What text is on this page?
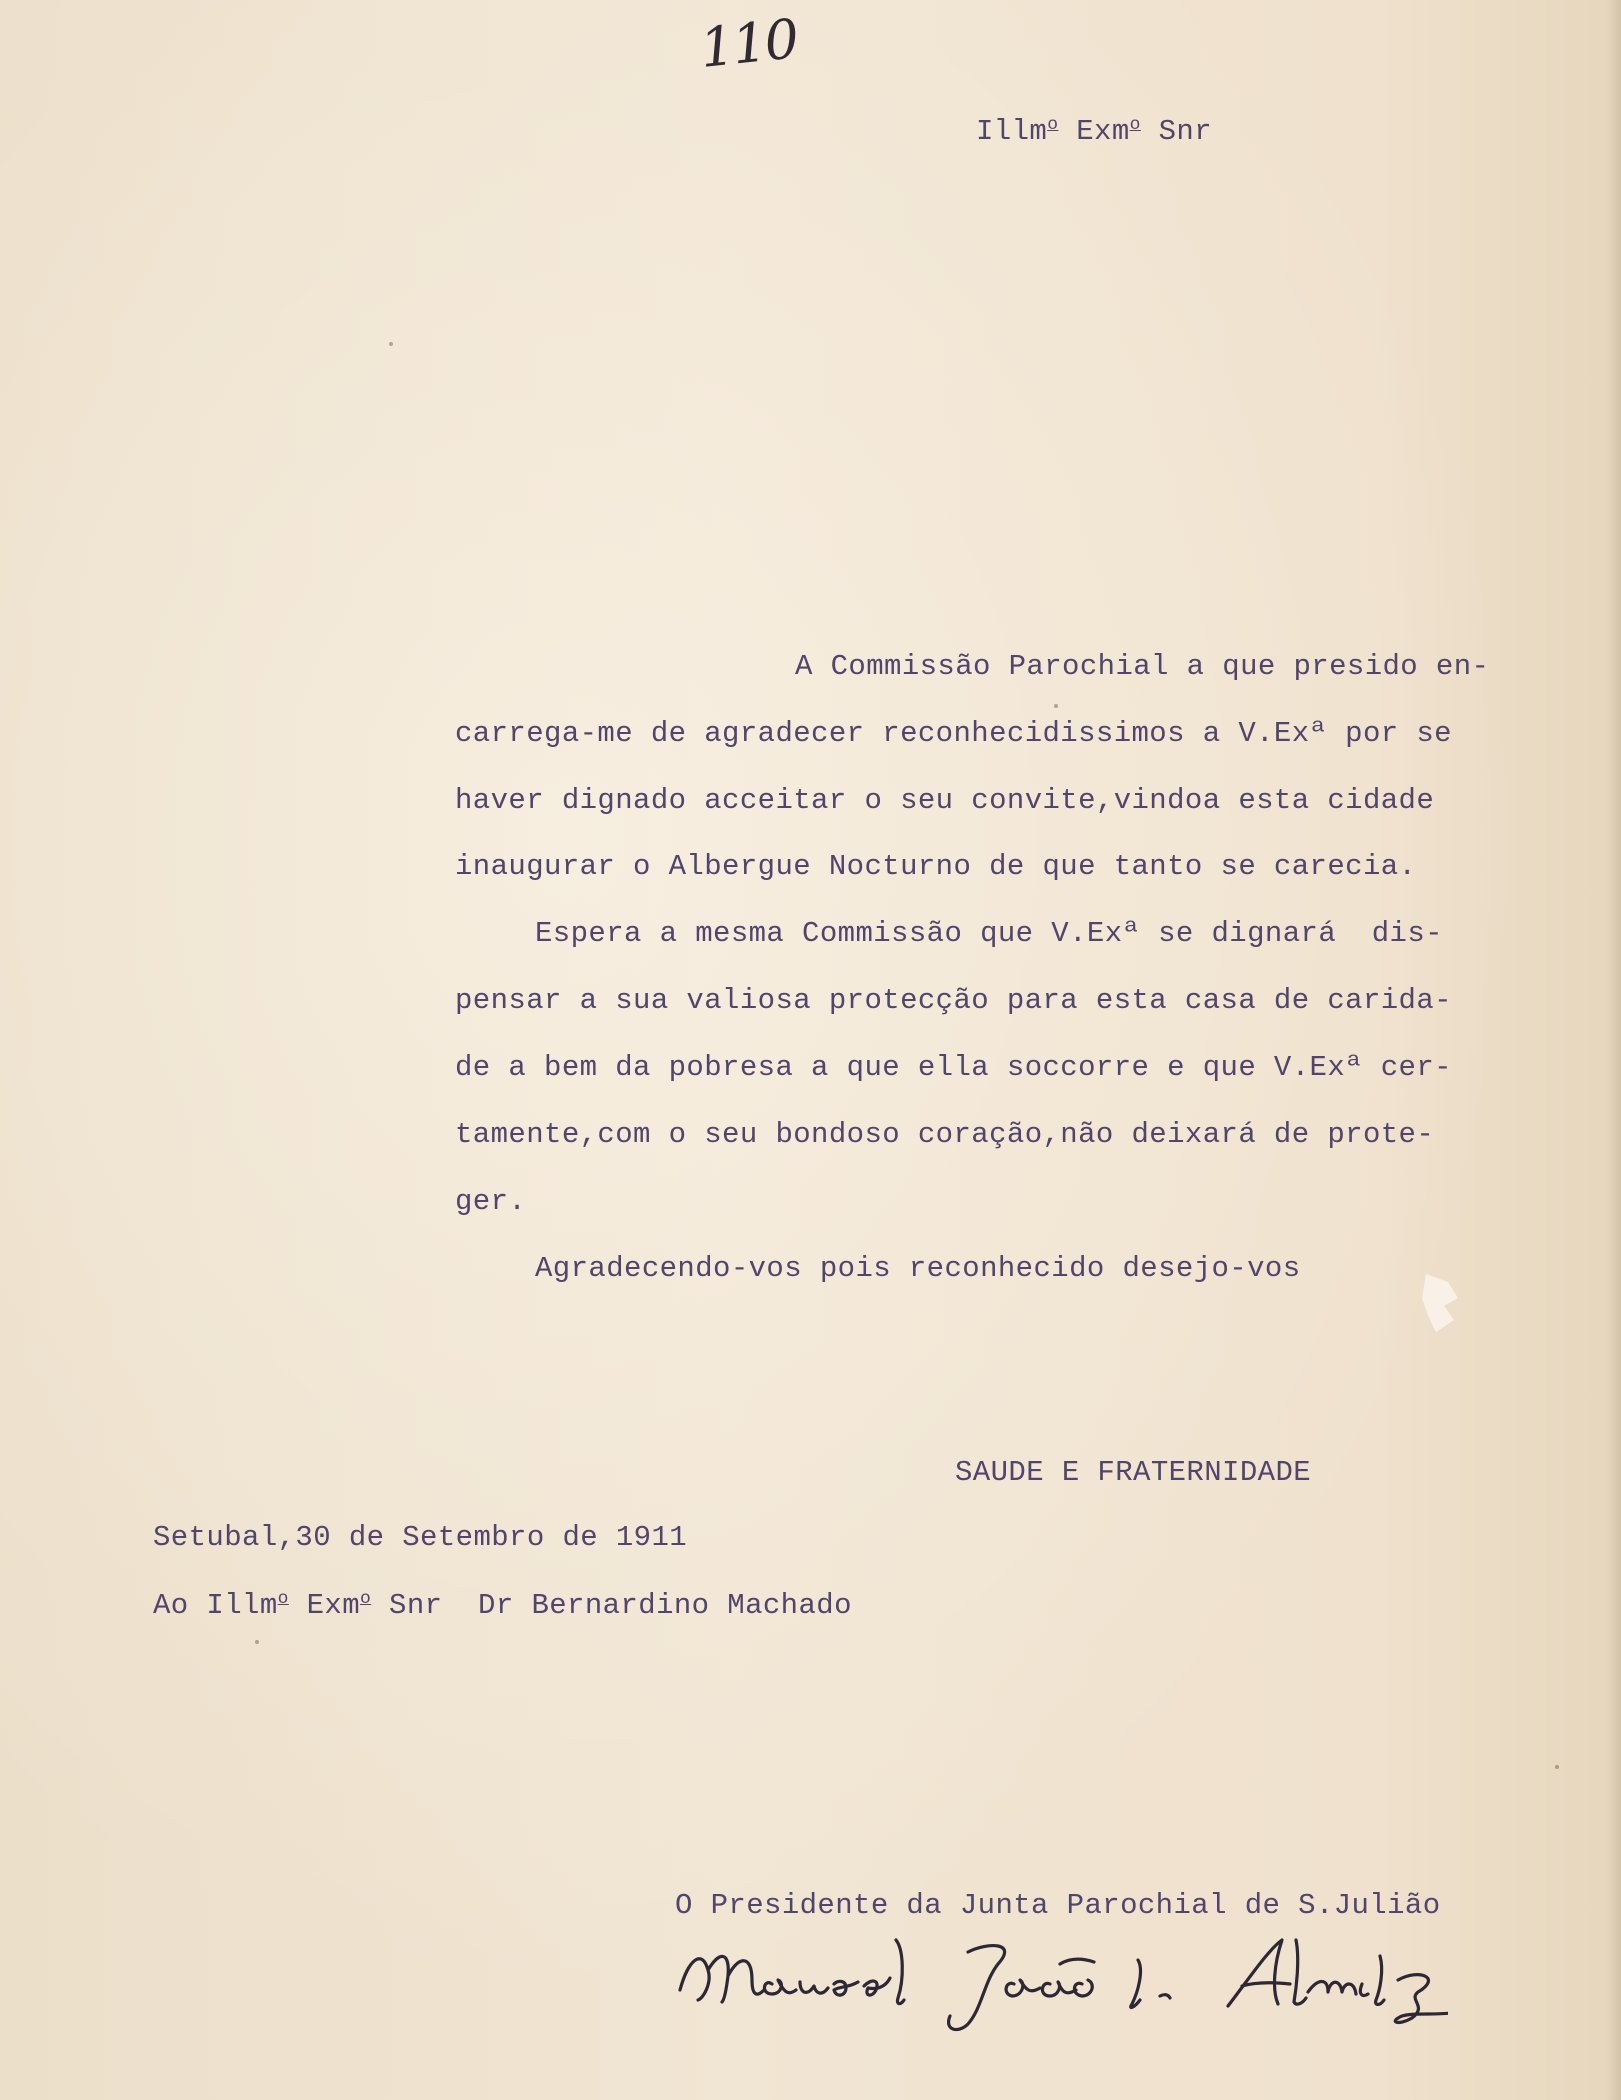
110
Illm$^o$ Exm$^o$ Snr
A Commissão Parochial a que presido en-
carrega-me de agradecer reconhecidissimos a V.Exª por se
haver dignado acceitar o seu convite,vindoa esta cidade
inaugurar o Albergue Nocturno de que tanto se carecia.
Espera a mesma Commissão que V.Exª se dignará  dis-
pensar a sua valiosa protecção para esta casa de carida-
de a bem da pobresa a que ella soccorre e que V.Exª cer-
tamente,com o seu bondoso coração,não deixará de prote-
ger.
Agradecendo-vos pois reconhecido desejo-vos
SAUDE E FRATERNIDADE
Setubal,30 de Setembro de 1911
Ao Illm$^o$ Exm$^o$ Snr  Dr Bernardino Machado
O Presidente da Junta Parochial de S.Julião
